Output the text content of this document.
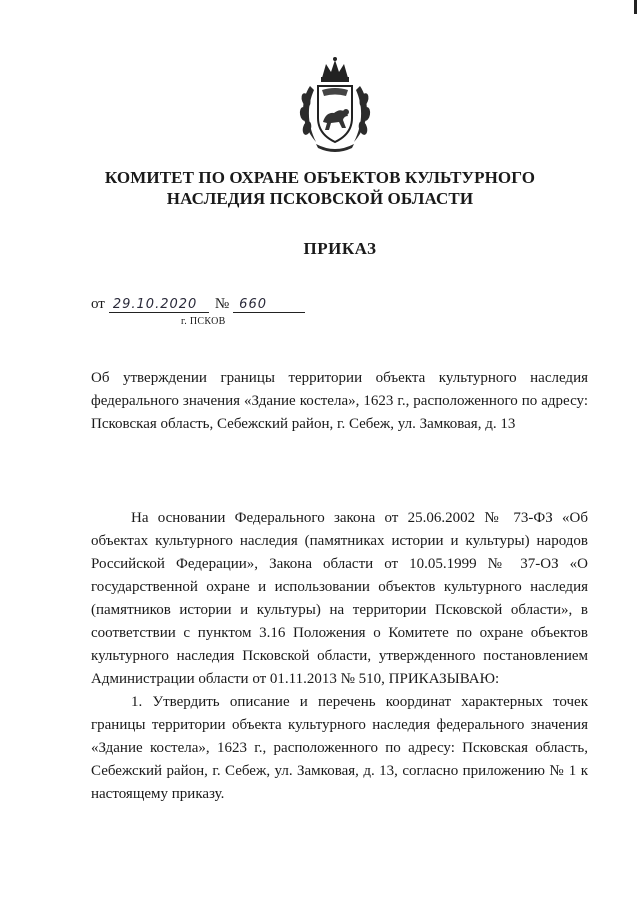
КОМИТЕТ ПО ОХРАНЕ ОБЪЕКТОВ КУЛЬТУРНОГО
НАСЛЕДИЯ ПСКОВСКОЙ ОБЛАСТИ
ПРИКАЗ
от 29.10.2020 № 660
г. ПСКОВ
Об утверждении границы территории объекта культурного наследия федерального значения «Здание костела», 1623 г., расположенного по адресу: Псковская область, Себежский район, г. Себеж, ул. Замковая, д. 13

На основании Федерального закона от 25.06.2002 № 73-ФЗ «Об объектах культурного наследия (памятниках истории и культуры) народов Российской Федерации», Закона области от 10.05.1999 № 37-ОЗ «О государственной охране и использовании объектов культурного наследия (памятников истории и культуры) на территории Псковской области», в соответствии с пунктом 3.16 Положения о Комитете по охране объектов культурного наследия Псковской области, утвержденного постановлением Администрации области от 01.11.2013 № 510, ПРИКАЗЫВАЮ:

1. Утвердить описание и перечень координат характерных точек границы территории объекта культурного наследия федерального значения «Здание костела», 1623 г., расположенного по адресу: Псковская область, Себежский район, г. Себеж, ул. Замковая, д. 13, согласно приложению № 1 к настоящему приказу.
